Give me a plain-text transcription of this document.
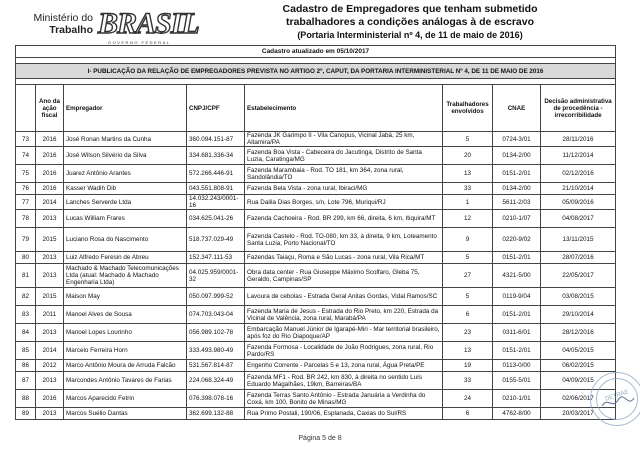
Ministério do
Trabalho BRASIL
GOVERNO FEDERAL
Cadastro de Empregadores que tenham submetido
trabalhadores a condições análogas à de escravo
(Portaria Interministerial nº 4, de 11 de maio de 2016)
Cadastro atualizado em 05/10/2017							

I- PUBLICAÇÃO DA RELAÇÃO DE EMPREGADORES PREVISTA NO ARTIGO 2º, CAPUT, DA PORTARIA INTERMINISTERIAL Nº 4, DE 11 DE MAIO DE 2016							

	Ano da ação fiscal	Empregador	CNPJ/CPF	Estabelecimento	Trabalhadores envolvidos	CNAE	Decisão administrativa de procedência - irrecorribilidade
73	2016	José Ronan Martins da Cunha	360.094.151-87	Fazenda JK Garimpo II - Vila Canopus, Vicinal Jabá, 25 km, Altamira/PA	5	0724-3/01	28/11/2016
74	2016	José Wilson Silvério da Silva	334.681.336-34	Fazenda Boa Vista - Cabeceira do Jacutinga, Distrito de Santa Luzia, Caratinga/MG	20	0134-2/00	11/12/2014
75	2016	Juarez Antônio Arantes	572.266.446-91	Fazenda Marambaia - Rod. TO 181, km 364, zona rural, Sandolândia/TO	13	0151-2/01	02/12/2016
76	2016	Kasser Wadih Dib	043.551.808-91	Fazenda Bela Vista - zona rural, Ibiraci/MG	33	0134-2/00	21/10/2014
77	2014	Lanches Serverde Ltda	14.032.243/0001-16	Rua Dalila Dias Borges, s/n, Lote 796, Muriqui/RJ	1	5611-2/03	05/09/2016
78	2013	Lucas William Frares	034.625.041-26	Fazenda Cachoeira - Rod. BR 299, km 66, direita, 6 km, Itiquira/MT	12	0210-1/07	04/08/2017
79	2015	Luciano Rosa do Nascimento	518.737.029-49	Fazenda Castelo - Rod. TO-080, km 33, à direita, 9 km, Loteamento Santa Luzia, Porto Nacional/TO	9	0220-9/02	13/11/2015
80	2013	Luiz Alfredo Feresin de Abreu	152.347.111-53	Fazendas Taiaçu, Roma e São Lucas - zona rural, Vila Rica/MT	5	0151-2/01	28/07/2016
81	2013	Machado & Machado Telecomunicações Ltda (atual: Machado & Machado Engenharia Ltda)	04.025.959/0001-32	Obra data center - Rua Giuseppe Máximo Scolfaro, Gleba 75, Geraldo, Campinas/SP	27	4321-5/00	22/05/2017
82	2015	Maison May	050.097.999-52	Lavoura de cebolas - Estrada Geral Anitas Gordas, Vidal Ramos/SC	5	0119-9/04	03/08/2015
83	2011	Manoel Alves de Sousa	074.703.043-04	Fazenda Maria de Jesus - Estrada do Rio Preto, km 220, Estrada da Vicinal de Valência, zona rural, Marabá/PA	6	0151-2/01	29/10/2014
84	2013	Manoel Lopes Lourinho	056.989.102-78	Embarcação Manuel Júnior de Igarapé-Miri - Mar territorial brasileiro, após foz do Rio Oiapoque/AP	23	0311-6/01	28/12/2016
85	2014	Marcelo Ferreira Horn	333.493.980-49	Fazenda Formosa - Localidade de João Rodrigues, zona rural, Rio Pardo/RS	13	0151-2/01	04/05/2015
86	2012	Marco Antônio Moura de Arruda Falcão	531.567.814-87	Engenho Corrente - Parcelas 5 e 13, zona rural, Água Preta/PE	19	0113-0/00	06/02/2015
87	2013	Marcondes Antônio Tavares de Farias	224.068.324-49	Fazenda MF1 - Rod. BR 242, km 830, à direita no sentido Luís Eduardo Magalhães, 19km, Barreiras/BA	33	0155-5/01	04/09/2015
88	2016	Marcos Aparecido Fetrin	076.398.078-16	Fazenda Terras Santo Antônio - Estrada Januária a Verdinha do Coxá, km 100, Bonito de Minas/MG	24	0210-1/01	02/06/2017
89	2013	Marcos Suélio Dantas	362.699.132-88	Rua Primo Postali, 190/06, Esplanada, Caxias do Sul/RS	6	4762-8/00	20/03/2017
DETRAE
Página 5 de 8
